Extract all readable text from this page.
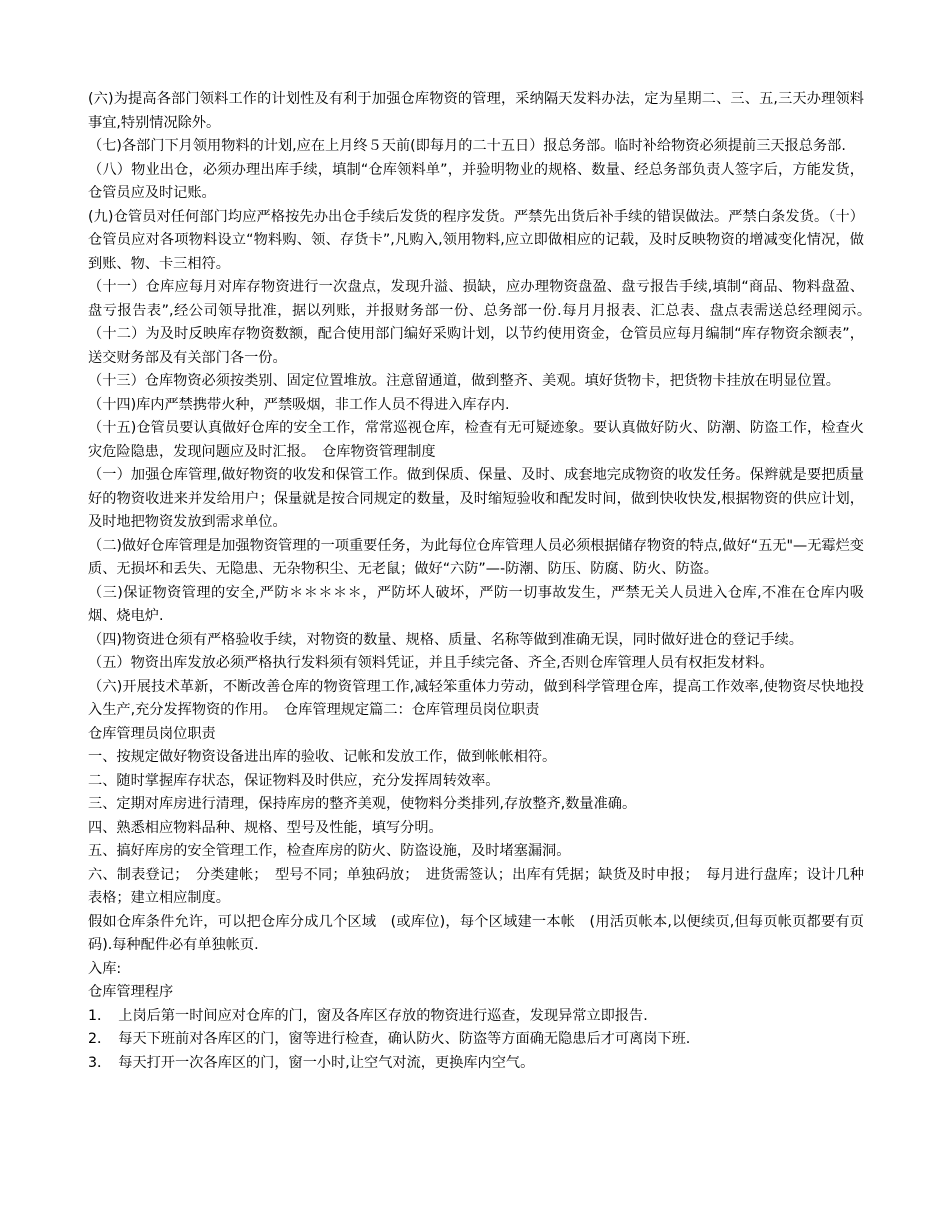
(六)为提高各部门领料工作的计划性及有利于加强仓库物资的管理，采纳隔天发料办法，定为星期二、三、五,三天办理领料事宜,特别情况除外。

（七)各部门下月领用物料的计划,应在上月终５天前(即每月的二十五日）报总务部。临时补给物资必须提前三天报总务部.

（八）物业出仓，必须办理出库手续，填制“仓库领料单”，并验明物业的规格、数量、经总务部负责人签字后，方能发货，仓管员应及时记账。

(九)仓管员对任何部门均应严格按先办出仓手续后发货的程序发货。严禁先出货后补手续的错误做法。严禁白条发货。（十）仓管员应对各项物料设立“物料购、领、存货卡”,凡购入,领用物料,应立即做相应的记载，及时反映物资的增减变化情况，做到账、物、卡三相符。

（十一）仓库应每月对库存物资进行一次盘点，发现升溢、损缺，应办理物资盘盈、盘亏报告手续,填制“商品、物料盘盈、盘亏报告表”,经公司领导批准，据以列账，并报财务部一份、总务部一份.每月月报表、汇总表、盘点表需送总经理阅示。　（十二）为及时反映库存物资数额，配合使用部门编好采购计划，以节约使用资金，仓管员应每月编制“库存物资余额表”，送交财务部及有关部门各一份。

（十三）仓库物资必须按类别、固定位置堆放。注意留通道，做到整齐、美观。填好货物卡，把货物卡挂放在明显位置。

（十四)库内严禁携带火种，严禁吸烟，非工作人员不得进入库存内.

（十五)仓管员要认真做好仓库的安全工作，常常巡视仓库，检查有无可疑迹象。要认真做好防火、防潮、防盗工作，检查火灾危险隐患，发现问题应及时汇报。　仓库物资管理制度

（一）加强仓库管理,做好物资的收发和保管工作。做到保质、保量、及时、成套地完成物资的收发任务。保辫就是要把质量好的物资收进来并发给用户；保量就是按合同规定的数量，及时缩短验收和配发时间，做到快收快发,根据物资的供应计划，及时地把物资发放到需求单位。

（二)做好仓库管理是加强物资管理的一项重要任务，为此每位仓库管理人员必须根据储存物资的特点,做好“五无"—无霉烂变质、无损坏和丢失、无隐患、无杂物积尘、无老鼠；做好“六防”—-防潮、防压、防腐、防火、防盗。

（三)保证物资管理的安全,严防＊＊＊＊＊，严防坏人破坏，严防一切事故发生，严禁无关人员进入仓库,不准在仓库内吸烟、烧电炉.

（四)物资进仓须有严格验收手续，对物资的数量、规格、质量、名称等做到准确无误，同时做好进仓的登记手续。

（五）物资出库发放必须严格执行发料须有领料凭证，并且手续完备、齐全,否则仓库管理人员有权拒发材料。

（六)开展技术革新，不断改善仓库的物资管理工作,减轻笨重体力劳动，做到科学管理仓库，提高工作效率,使物资尽快地投入生产,充分发挥物资的作用。　仓库管理规定篇二：仓库管理员岗位职责

仓库管理员岗位职责

一、按规定做好物资设备进出库的验收、记帐和发放工作，做到帐帐相符。

二、随时掌握库存状态，保证物料及时供应，充分发挥周转效率。

三、定期对库房进行清理，保持库房的整齐美观，使物料分类排列,存放整齐,数量准确。

四、熟悉相应物料品种、规格、型号及性能，填写分明。

五、搞好库房的安全管理工作，检查库房的防火、防盗设施，及时堵塞漏洞。

六、制表登记；　分类建帐；　型号不同；单独码放；　进货需签认；出库有凭据；缺货及时申报；　每月进行盘库；设计几种表格；建立相应制度。

假如仓库条件允许，可以把仓库分成几个区域　(或库位)，每个区域建一本帐　(用活页帐本,以便续页,但每页帐页都要有页码).每种配件必有单独帐页.

入库:

仓库管理程序

1．　上岗后第一时间应对仓库的门，窗及各库区存放的物资进行巡查，发现异常立即报告.

2．　每天下班前对各库区的门，窗等进行检查，确认防火、防盗等方面确无隐患后才可离岗下班.

3．　每天打开一次各库区的门，窗一小时,让空气对流，更换库内空气。
